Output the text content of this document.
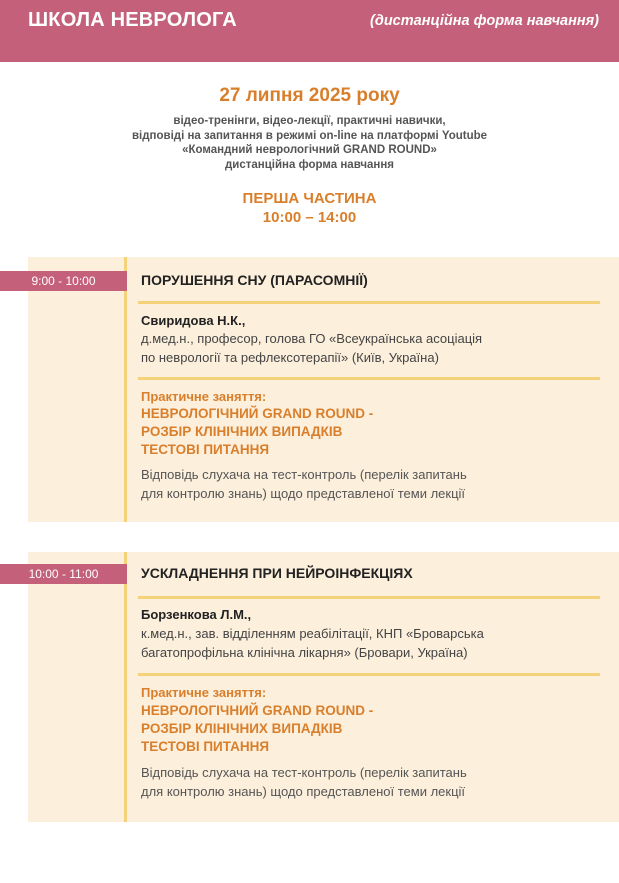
ШКОЛА НЕВРОЛОГА	(дистанційна форма навчання)
27 липня 2025 року
відео-тренінги, відео-лекції, практичні навички,
відповіді на запитання в режимі on-line на платформі Youtube
«Командний неврологічний GRAND ROUND»
дистанційна форма навчання
ПЕРША ЧАСТИНА
10:00 – 14:00
9:00 - 10:00	ПОРУШЕННЯ СНУ (ПАРАСОМНІЇ)
Свиридова Н.К.,
д.мед.н., професор, голова ГО «Всеукраїнська асоціація
по неврології та рефлексотерапії» (Київ, Україна)
Практичне заняття:
НЕВРОЛОГІЧНИЙ GRAND ROUND -
РОЗБІР КЛІНІЧНИХ ВИПАДКІВ
ТЕСТОВІ ПИТАННЯ
Відповідь слухача на тест-контроль (перелік запитань
для контролю знань) щодо представленої теми лекції
10:00 - 11:00	УСКЛАДНЕННЯ ПРИ НЕЙРОІНФЕКЦІЯХ
Борзенкова Л.М.,
к.мед.н., зав. відділенням реабілітації, КНП «Броварська
багатопрофільна клінічна лікарня» (Бровари, Україна)
Практичне заняття:
НЕВРОЛОГІЧНИЙ GRAND ROUND -
РОЗБІР КЛІНІЧНИХ ВИПАДКІВ
ТЕСТОВІ ПИТАННЯ
Відповідь слухача на тест-контроль (перелік запитань
для контролю знань) щодо представленої теми лекції
